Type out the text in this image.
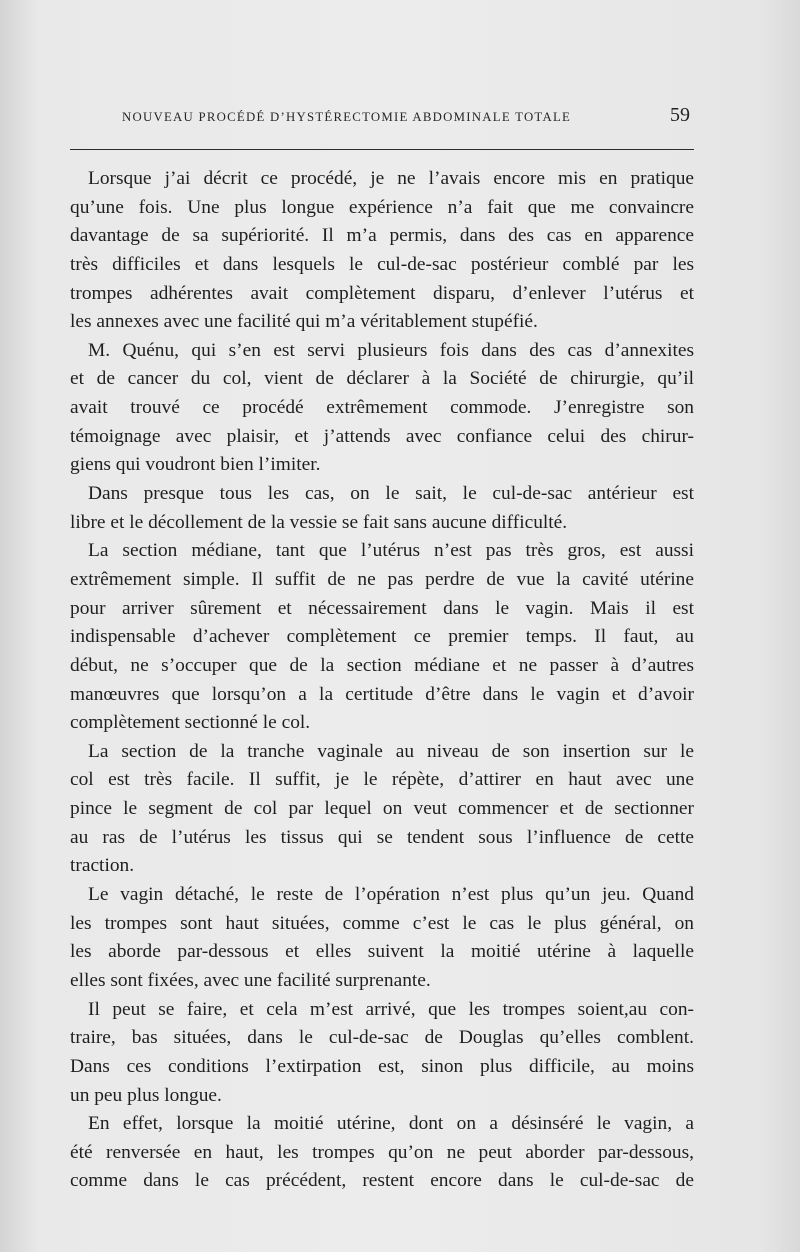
NOUVEAU PROCÉDÉ D’HYSTÉRECTOMIE ABDOMINALE TOTALE	59
Lorsque j’ai décrit ce procédé, je ne l’avais encore mis en pratique
qu’une fois. Une plus longue expérience n’a fait que me convaincre
davantage de sa supériorité. Il m’a permis, dans des cas en apparence
très difficiles et dans lesquels le cul-de-sac postérieur comblé par les
trompes adhérentes avait complètement disparu, d’enlever l’utérus et
les annexes avec une facilité qui m’a véritablement stupéfié.
M. Quénu, qui s’en est servi plusieurs fois dans des cas d’annexites
et de cancer du col, vient de déclarer à la Société de chirurgie, qu’il
avait trouvé ce procédé extrêmement commode. J’enregistre son
témoignage avec plaisir, et j’attends avec confiance celui des chirur-
giens qui voudront bien l’imiter.
Dans presque tous les cas, on le sait, le cul-de-sac antérieur est
libre et le décollement de la vessie se fait sans aucune difficulté.
La section médiane, tant que l’utérus n’est pas très gros, est aussi
extrêmement simple. Il suffit de ne pas perdre de vue la cavité utérine
pour arriver sûrement et nécessairement dans le vagin. Mais il est
indispensable d’achever complètement ce premier temps. Il faut, au
début, ne s’occuper que de la section médiane et ne passer à d’autres
manœuvres que lorsqu’on a la certitude d’être dans le vagin et d’avoir
complètement sectionné le col.
La section de la tranche vaginale au niveau de son insertion sur le
col est très facile. Il suffit, je le répète, d’attirer en haut avec une
pince le segment de col par lequel on veut commencer et de sectionner
au ras de l’utérus les tissus qui se tendent sous l’influence de cette
traction.
Le vagin détaché, le reste de l’opération n’est plus qu’un jeu. Quand
les trompes sont haut situées, comme c’est le cas le plus général, on
les aborde par-dessous et elles suivent la moitié utérine à laquelle
elles sont fixées, avec une facilité surprenante.
Il peut se faire, et cela m’est arrivé, que les trompes soient,au con-
traire, bas situées, dans le cul-de-sac de Douglas qu’elles comblent.
Dans ces conditions l’extirpation est, sinon plus difficile, au moins
un peu plus longue.
En effet, lorsque la moitié utérine, dont on a désinséré le vagin, a
été renversée en haut, les trompes qu’on ne peut aborder par-dessous,
comme dans le cas précédent, restent encore dans le cul-de-sac de
